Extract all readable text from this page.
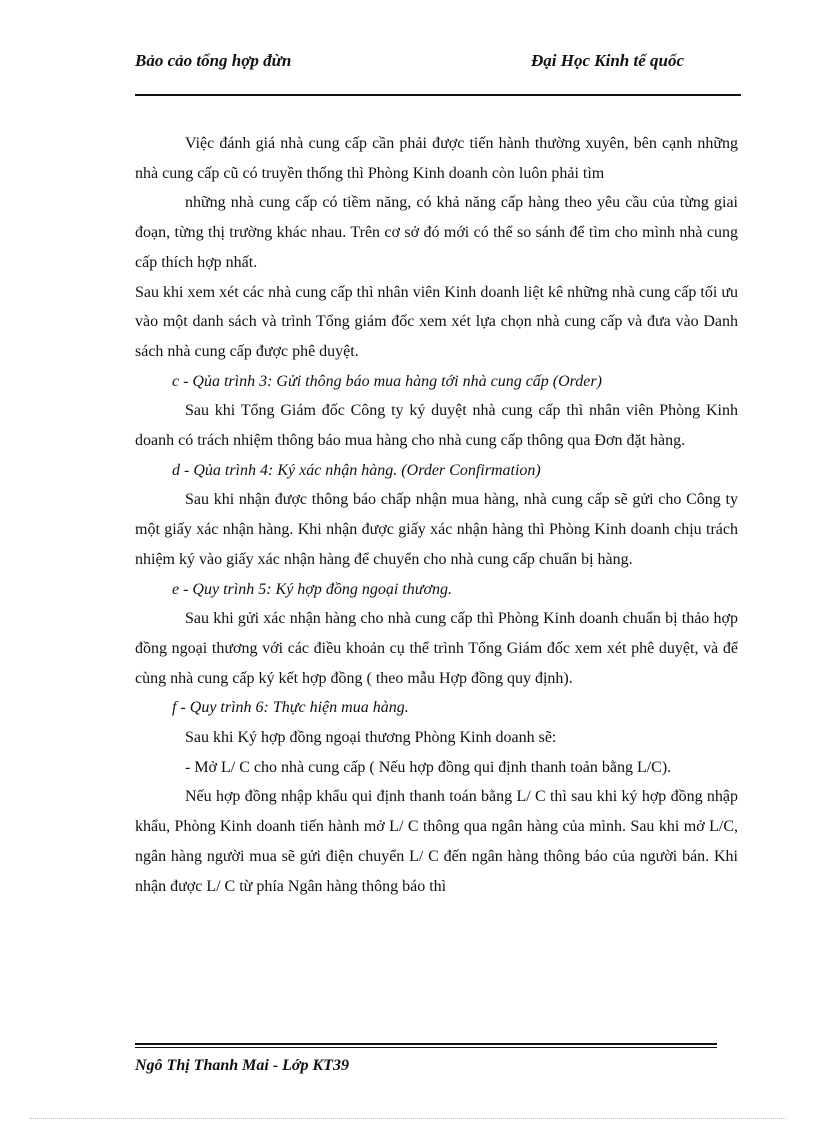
Bảo cảo tổng hợp đừn	Đại Học Kinh tế quốc

Việc đánh giá nhà cung cấp cần phải được tiến hành thường xuyên, bên cạnh những nhà cung cấp cũ có truyền thống thì Phòng Kinh doanh còn luôn phải tìm

những nhà cung cấp có tiềm năng, có khả năng cấp hàng theo yêu cầu của từng giai đoạn, từng thị trường khác nhau. Trên cơ sở đó mới có thể so sánh để tìm cho mình nhà cung cấp thích hợp nhất.

Sau khi xem xét các nhà cung cấp thì nhân viên Kinh doanh liệt kê những nhà cung cấp tối ưu vào một danh sách và trình Tổng giám đốc xem xét lựa chọn nhà cung cấp và đưa vào Danh sách nhà cung cấp được phê duyệt.

c - Qủa trình 3: Gửi thông báo mua hàng tới nhà cung cấp (Order)

Sau khi Tổng Giám đốc Công ty ký duyệt nhà cung cấp thì nhân viên Phòng Kinh doanh có trách nhiệm thông báo mua hàng cho nhà cung cấp thông qua Đơn đặt hàng.

d - Qủa trình 4: Ký xác nhận hàng. (Order Confirmation)

Sau khi nhận được thông báo chấp nhận mua hàng, nhà cung cấp sẽ gửi cho Công ty một giấy xác nhận hàng. Khi nhận được giấy xác nhận hàng thì Phòng Kinh doanh chịu trách nhiệm ký vào giấy xác nhận hàng để chuyển cho nhà cung cấp chuẩn bị hàng.

e - Quy trình 5: Ký hợp đồng ngoại thương.

Sau khi gửi xác nhận hàng cho nhà cung cấp thì Phòng Kinh doanh chuẩn bị thảo hợp đồng ngoại thương với các điều khoản cụ thể trình Tổng Giám đốc xem xét phê duyệt, và để cùng nhà cung cấp ký kết hợp đồng ( theo mẫu Hợp đồng quy định).

f - Quy trình 6: Thực hiện mua hàng.

Sau khi Ký hợp đồng ngoại thương Phòng Kinh doanh sẽ:

- Mở L/ C cho nhà cung cấp ( Nếu hợp đồng qui định thanh toản bằng L/C).

Nếu hợp đồng nhập khẩu qui định thanh toán bằng L/ C thì sau khi ký hợp đồng nhập khẩu, Phòng Kinh doanh tiến hành mở L/ C thông qua ngân hàng của mình. Sau khi mở L/C, ngân hàng người mua sẽ gửi điện chuyển L/ C đến ngân hàng thông báo của người bán. Khi nhận được L/ C từ phía Ngân hàng thông báo thì

Ngô Thị Thanh Mai - Lớp KT39
